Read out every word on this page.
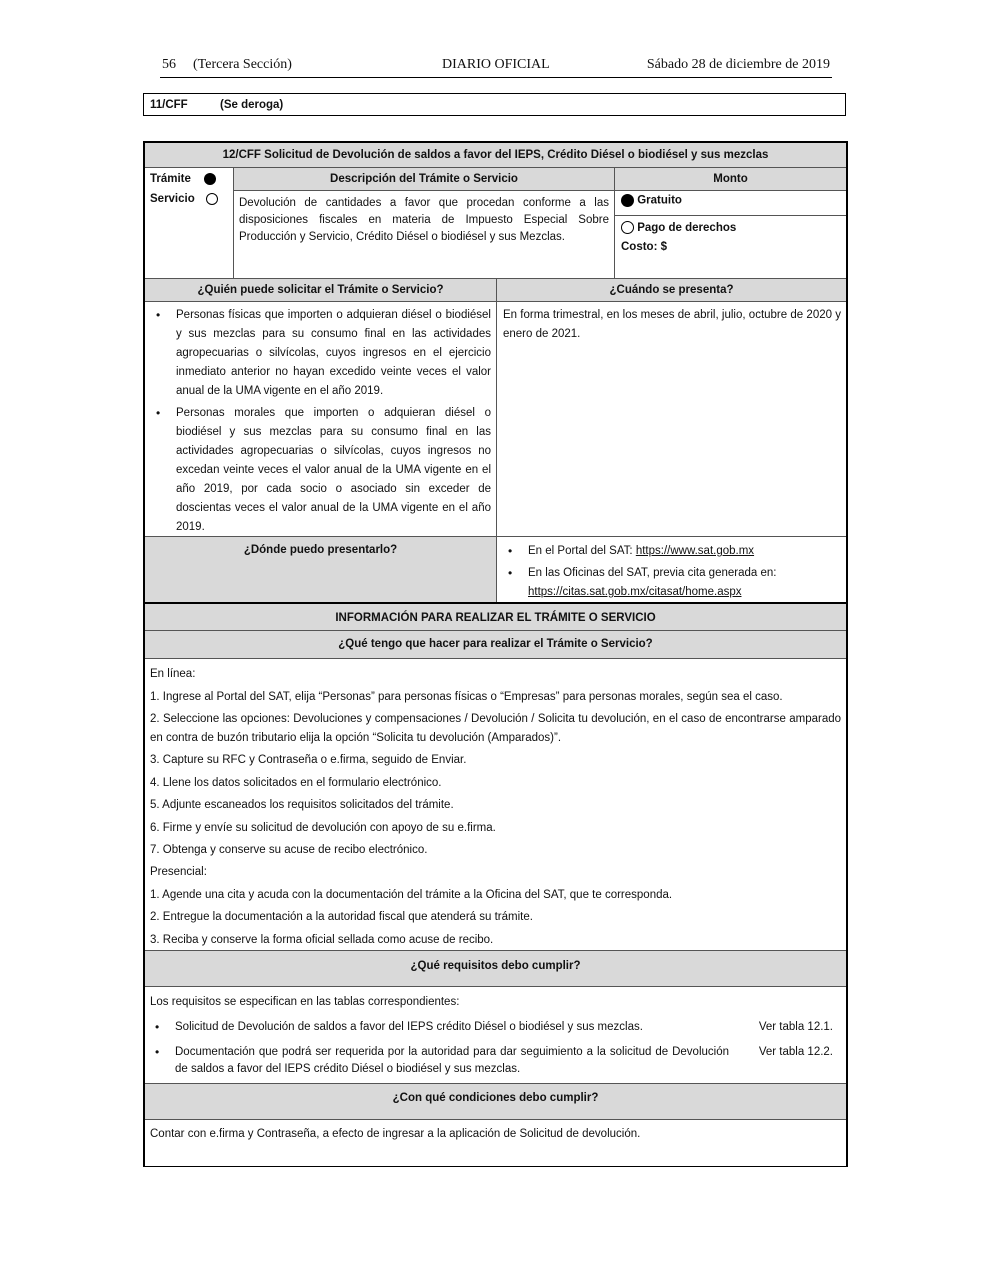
56 (Tercera Sección)	DIARIO OFICIAL	Sábado 28 de diciembre de 2019
11/CFF	(Se deroga)
12/CFF Solicitud de Devolución de saldos a favor del IEPS, Crédito Diésel o biodiésel y sus mezclas
Trámite
Servicio
Descripción del Trámite o Servicio	Monto
Devolución de cantidades a favor que procedan conforme a las disposiciones fiscales en materia de Impuesto Especial Sobre Producción y Servicio, Crédito Diésel o biodiésel y sus Mezclas.
Gratuito
Pago de derechos
Costo: $
¿Quién puede solicitar el Trámite o Servicio?	¿Cuándo se presenta?
• Personas físicas que importen o adquieran diésel o biodiésel y sus mezclas para su consumo final en las actividades agropecuarias o silvícolas, cuyos ingresos en el ejercicio inmediato anterior no hayan excedido veinte veces el valor anual de la UMA vigente en el año 2019.
• Personas morales que importen o adquieran diésel o biodiésel y sus mezclas para su consumo final en las actividades agropecuarias o silvícolas, cuyos ingresos no excedan veinte veces el valor anual de la UMA vigente en el año 2019, por cada socio o asociado sin exceder de doscientas veces el valor anual de la UMA vigente en el año 2019.
En forma trimestral, en los meses de abril, julio, octubre de 2020 y enero de 2021.
¿Dónde puedo presentarlo?
•	En el Portal del SAT: https://www.sat.gob.mx
• En las Oficinas del SAT, previa cita generada en:
https://citas.sat.gob.mx/citasat/home.aspx
INFORMACIÓN PARA REALIZAR EL TRÁMITE O SERVICIO
¿Qué tengo que hacer para realizar el Trámite o Servicio?

En línea:

1. Ingrese al Portal del SAT, elija “Personas” para personas físicas o “Empresas” para personas morales, según sea el caso.

2. Seleccione las opciones: Devoluciones y compensaciones / Devolución / Solicita tu devolución, en el caso de encontrarse amparado en contra de buzón tributario elija la opción “Solicita tu devolución (Amparados)”.

3. Capture su RFC y Contraseña o e.firma, seguido de Enviar.

4. Llene los datos solicitados en el formulario electrónico.

5. Adjunte escaneados los requisitos solicitados del trámite.

6. Firme y envíe su solicitud de devolución con apoyo de su e.firma.

7. Obtenga y conserve su acuse de recibo electrónico.

Presencial:

1. Agende una cita y acuda con la documentación del trámite a la Oficina del SAT, que te corresponda.

2. Entregue la documentación a la autoridad fiscal que atenderá su trámite.

3. Reciba y conserve la forma oficial sellada como acuse de recibo.

¿Qué requisitos debo cumplir?
Los requisitos se especifican en las tablas correspondientes:
• Solicitud de Devolución de saldos a favor del IEPS crédito Diésel o biodiésel y sus mezclas.	Ver tabla 12.1.
• Documentación que podrá ser requerida por la autoridad para dar seguimiento a la solicitud de Devolución de saldos a favor del IEPS crédito Diésel o biodiésel y sus mezclas.
Ver tabla 12.2.
¿Con qué condiciones debo cumplir?
Contar con e.firma y Contraseña, a efecto de ingresar a la aplicación de Solicitud de devolución.
